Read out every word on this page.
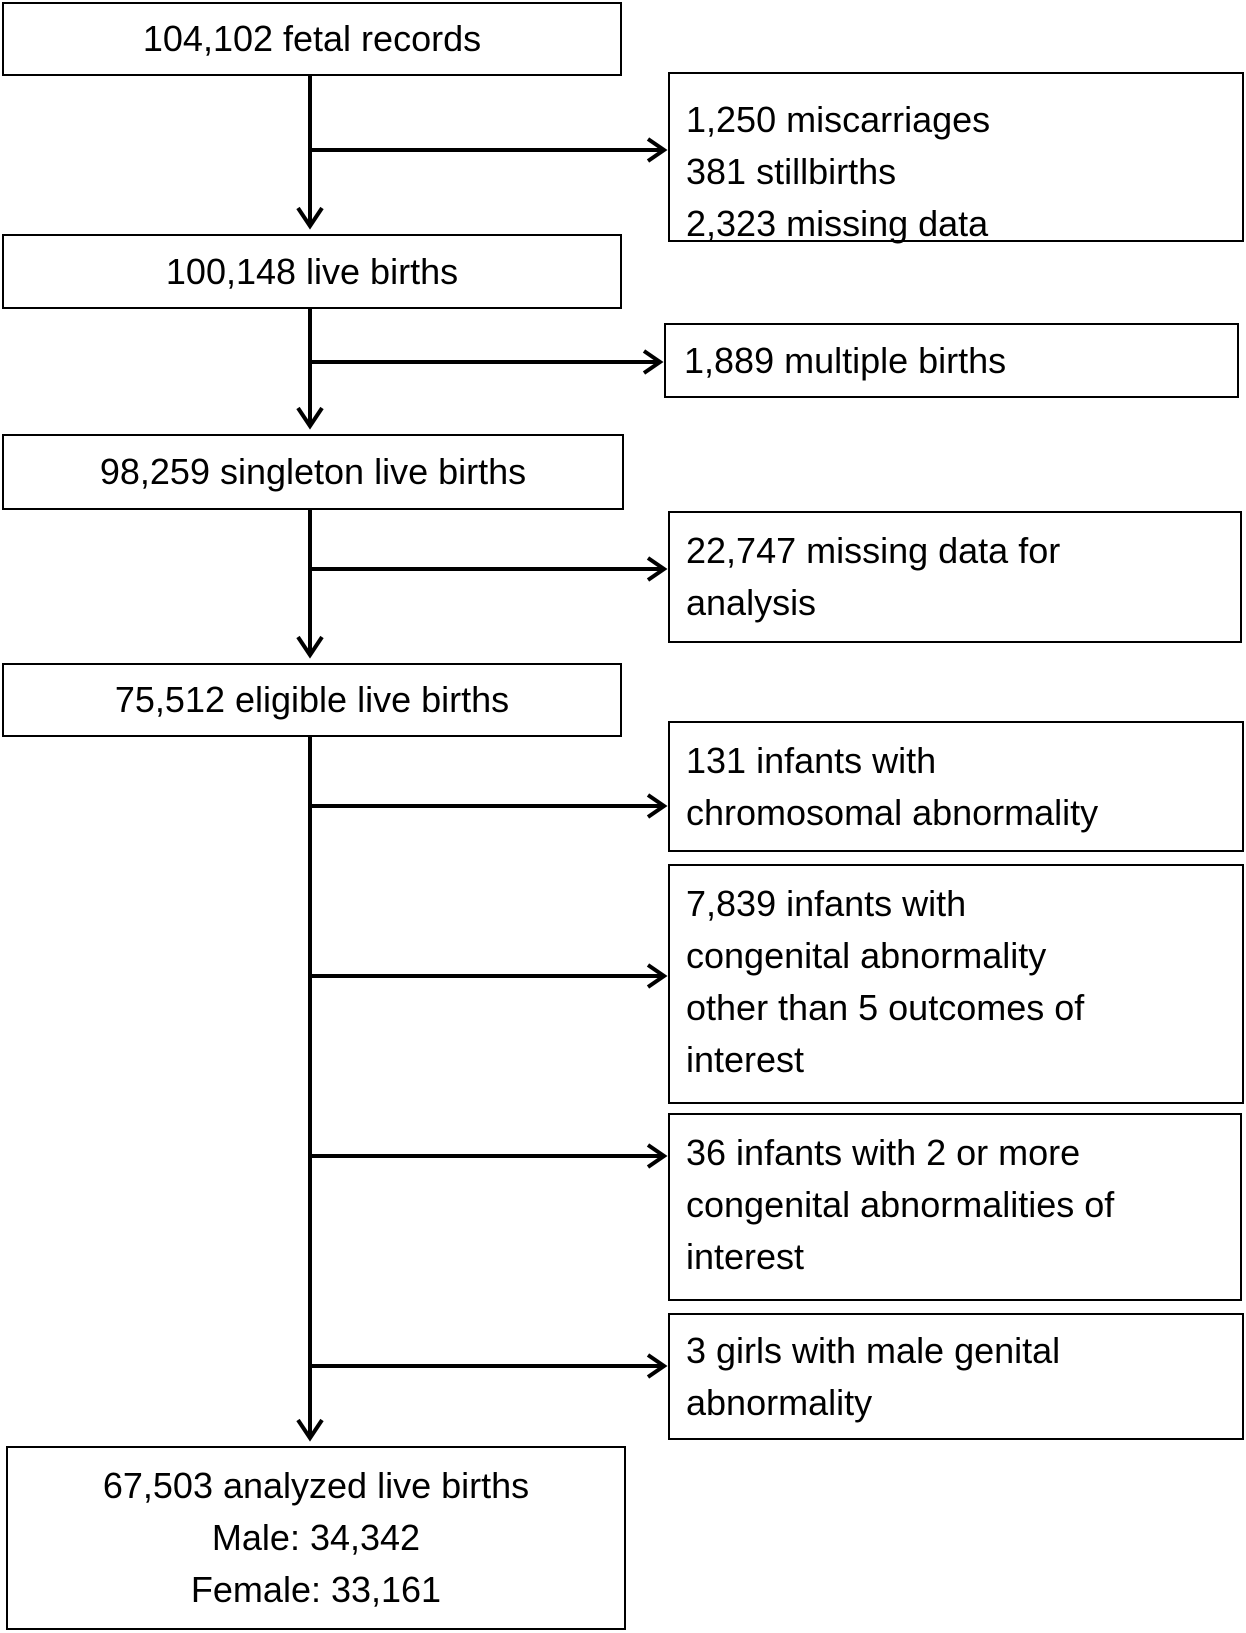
104,102 fetal records
100,148 live births
98,259 singleton live births
75,512 eligible live births
67,503 analyzed live births
Male: 34,342
Female: 33,161
1,250 miscarriages
381 stillbirths
2,323 missing data
1,889 multiple births
22,747 missing data for
analysis
131 infants with
chromosomal abnormality
7,839 infants with
congenital abnormality
other than 5 outcomes of
interest
36 infants with 2 or more
congenital abnormalities of
interest
3 girls with male genital
abnormality
